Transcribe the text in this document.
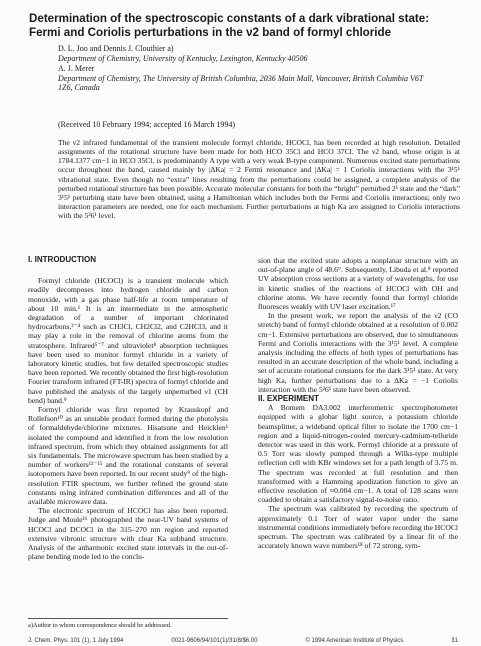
Determination of the spectroscopic constants of a dark vibrational state: Fermi and Coriolis perturbations in the ν2 band of formyl chloride
D. L. Joo and Dennis J. Clouthier a)
Department of Chemistry, University of Kentucky, Lexington, Kentucky 40506
A. J. Merer
Department of Chemistry, The University of British Columbia, 2036 Main Mall, Vancouver, British Columbia V6T 1Z6, Canada
(Received 10 February 1994; accepted 16 March 1994)
The ν2 infrared fundamental of the transient molecule formyl chloride, HCOCl, has been recorded at high resolution. Detailed assignments of the rotational structure have been made for both HCO 35Cl and HCO 37Cl. The ν2 band, whose origin is at 1784.1377 cm−1 in HCO 35Cl, is predominantly A type with a very weak B-type component. Numerous excited state perturbations occur throughout the band, caused mainly by |ΔKa| = 2 Fermi resonance and |ΔKa| = 1 Coriolis interactions with the 3¹5¹ vibrational state. Even though no “extra” lines resulting from the perturbations could be assigned, a complete analysis of the perturbed rotational structure has been possible. Accurate molecular constants for both the “bright” perturbed 2¹ state and the “dark” 3¹5¹ perturbing state have been obtained, using a Hamiltonian which includes both the Fermi and Coriolis interactions; only two interaction parameters are needed, one for each mechanism. Further perturbations at high Ka are assigned to Coriolis interactions with the 5²6¹ level.

I. INTRODUCTION

Formyl chloride (HCOCl) is a transient molecule which readily decomposes into hydrogen chloride and carbon monoxide, with a gas phase half-life at room temperature of about 10 min.¹ It is an intermediate in the atmospheric degradation of a number of important chlorinated hydrocarbons,²⁻⁴ such as CH3Cl, CH2Cl2, and C2HCl3, and it may play a role in the removal of chlorine atoms from the stratosphere. Infrared⁵⁻⁷ and ultraviolet⁸ absorption techniques have been used to monitor formyl chloride in a variety of laboratory kinetic studies, but few detailed spectroscopic studies have been reported. We recently obtained the first high-resolution Fourier transform infrared (FT-IR) spectra of formyl chloride and have published the analysis of the largely unperturbed ν1 (CH bend) band.⁹

Formyl chloride was first reported by Krauskopf and Rollefson¹⁰ as an unstable product formed during the photolysis of formaldehyde/chlorine mixtures. Hisatsune and Heicklen¹ isolated the compound and identified it from the low resolution infrared spectrum, from which they obtained assignments for all six fundamentals. The microwave spectrum has been studied by a number of workers¹¹⁻¹⁵ and the rotational constants of several isotopomers have been reported. In our recent study⁹ of the high-resolution FTIR spectrum, we further refined the ground state constants using infrared combination differences and all of the available microwave data.

The electronic spectrum of HCOCl has also been reported. Judge and Moule¹⁶ photographed the near-UV band systems of HCOCl and DCOCl in the 315–270 nm region and reported extensive vibronic structure with clear Ka subband structure. Analysis of the anharmonic excited state intervals in the out-of-plane bending mode led to the conclu-

sion that the excited state adopts a nonplanar structure with an out-of-plane angle of 48.6°. Subsequently, Libuda et al.⁸ reported UV absorption cross sections at a variety of wavelengths, for use in kinetic studies of the reactions of HCOCl with OH and chlorine atoms. We have recently found that formyl chloride fluoresces weakly with UV laser excitation.¹⁷

In the present work, we report the analysis of the ν2 (CO stretch) band of formyl chloride obtained at a resolution of 0.002 cm−1. Extensive perturbations are observed, due to simultaneous Fermi and Coriolis interactions with the 3¹5¹ level. A complete analysis including the effects of both types of perturbations has resulted in an accurate description of the whole band, including a set of accurate rotational constants for the dark 3¹5¹ state. At very high Ka, further perturbations due to a ΔKa = −1 Coriolis interaction with the 5²6¹ state have been observed.

II. EXPERIMENT

A Bomem DA3.002 interferometric spectrophotometer equipped with a globar light source, a potassium chloride beamsplitter, a wideband optical filter to isolate the 1700 cm−1 region and a liquid-nitrogen-cooled mercury-cadmium-telluride detector was used in this work. Formyl chloride at a pressure of 0.5 Torr was slowly pumped through a Wilks-type multiple reflection cell with KBr windows set for a path length of 3.75 m. The spectrum was recorded at full resolution and then transformed with a Hamming apodization function to give an effective resolution of ≈0.004 cm−1. A total of 128 scans were coadded to obtain a satisfactory signal-to-noise ratio.

The spectrum was calibrated by recording the spectrum of approximately 0.1 Torr of water vapor under the same instrumental conditions immediately before recording the HCOCl spectrum. The spectrum was calibrated by a linear fit of the accurately known wave numbers¹⁸ of 72 strong, sym-

a)Author to whom correspondence should be addressed.
J. Chem. Phys. 101 (1), 1 July 1994	0021-9606/94/101(1)/31/8/$6.00	© 1994 American Institute of Physics	31
